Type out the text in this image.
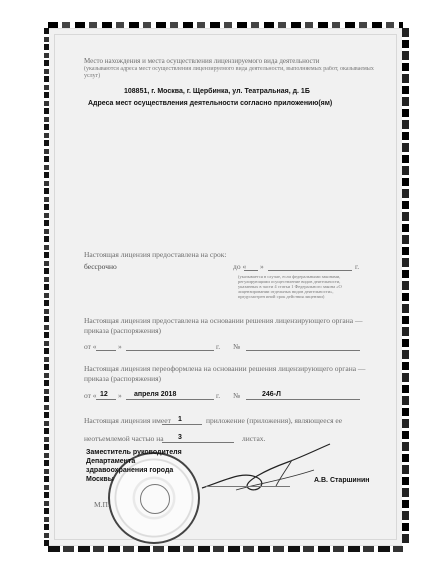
Место нахождения и места осуществления лицензируемого вида деятельности
(указываются адреса мест осуществления лицензируемого вида деятельности, выполняемых работ, оказываемых услуг)
108851, г. Москва, г. Щербинка, ул. Театральная, д. 1Б
Адреса мест осуществления деятельности согласно приложению(ям)
Настоящая лицензия предоставлена на срок:
бессрочно	до « »	г.
(указывается в случае, если федеральными законами, регулирующими осуществление видов деятельности, указанных в части 4 статьи 1 Федерального закона «О лицензировании отдельных видов деятельности», предусмотрен иной срок действия лицензии)
Настоящая лицензия предоставлена на основании решения лицензирующего органа — приказа (распоряжения)
от «	»	г. №
Настоящая лицензия переоформлена на основании решения лицензирующего органа — приказа (распоряжения)
от « 12 » апреля 2018	г. №	246-Л
Настоящая лицензия имеет 1	приложение (приложения), являющееся ее
неотъемлемой частью на 3	листах.
Заместитель руководителя
Департамента
здравоохранения города
Москвы	А.В. Старшинин
М.П.
